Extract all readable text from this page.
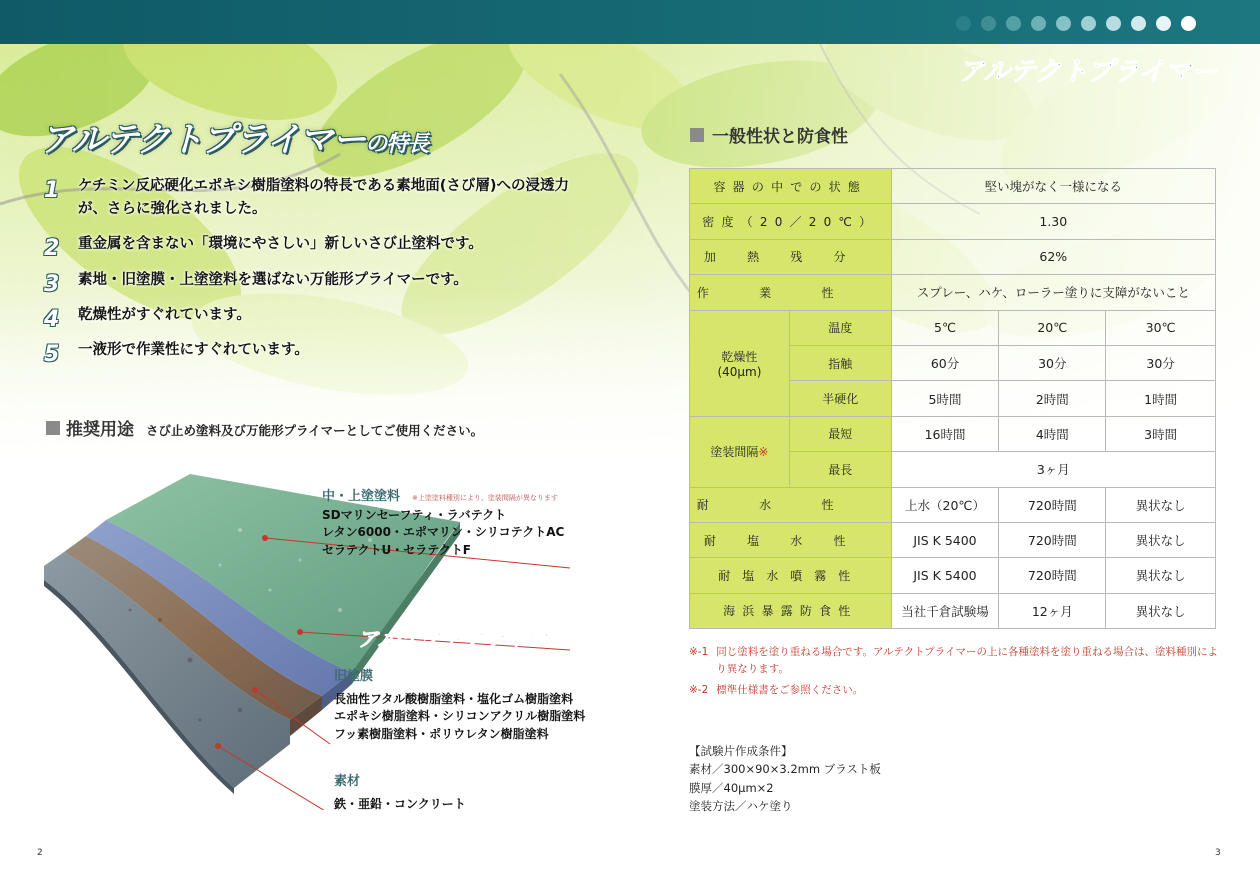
アルテクトプライマー
アルテクトプライマーの特長
1	ケチミン反応硬化エポキシ樹脂塗料の特長である素地面(さび層)への浸透力が、さらに強化されました。
2	重金属を含まない「環境にやさしい」新しいさび止塗料です。
3	素地・旧塗膜・上塗塗料を選ばない万能形プライマーです。
4	乾燥性がすぐれています。
5	一液形で作業性にすぐれています。
推奨用途 さび止め塗料及び万能形プライマーとしてご使用ください。
中・上塗塗料 ※上塗塗料種別により、塗装間隔が異なります
SDマリンセーフティ・ラバテクト
レタン6000・エポマリン・シリコテクトAC
セラテクトU・セラテクトF
アルテクトプライマー
旧塗膜
長油性フタル酸樹脂塗料・塩化ゴム樹脂塗料
エポキシ樹脂塗料・シリコンアクリル樹脂塗料
フッ素樹脂塗料・ポリウレタン樹脂塗料
素材
鉄・亜鉛・コンクリート
2
一般性状と防食性
容器の中での状態		堅い塊がなく一様になる		
密度（20／20℃）		1.30		
加熱残分		62%		
作業性		スプレー、ハケ、ローラー塗りに支障がないこと		

乾燥性
(40μm)	温度	5℃	20℃	30℃
	指触	60分	30分	30分
	半硬化	5時間	2時間	1時間
塗装間隔※	最短	16時間	4時間	3時間
	最長	3ヶ月		
耐水性		上水（20℃）	720時間	異状なし
耐塩水性		JIS K 5400	720時間	異状なし
耐塩水噴霧性		JIS K 5400	720時間	異状なし
海浜暴露防食性		当社千倉試験場	12ヶ月	異状なし
※-1 同じ塗料を塗り重ねる場合です。アルテクトプライマーの上に各種塗料を塗り重ねる場合は、塗料種別により異なります。
※-2 標準仕様書をご参照ください。
【試験片作成条件】
素材／300×90×3.2mm ブラスト板
膜厚／40μm×2
塗装方法／ハケ塗り
3
